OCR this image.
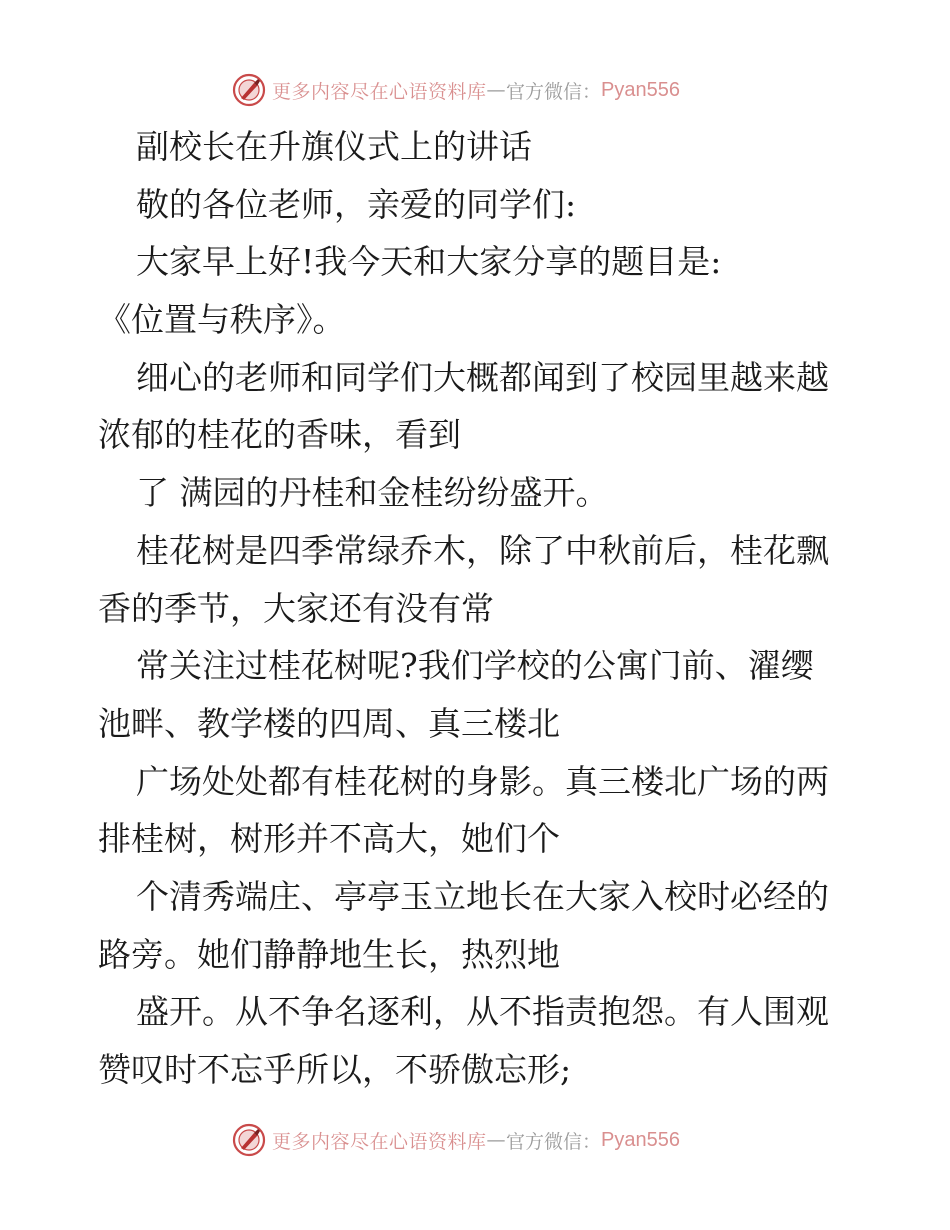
更多内容尽在心语资料库 — 官方微信： Pyan556
副校长在升旗仪式上的讲话
敬的各位老师，亲爱的同学们:
大家早上好!我今天和大家分享的题目是:
《位置与秩序》。
细心的老师和同学们大概都闻到了校园里越来越
浓郁的桂花的香味，看到
了 满园的丹桂和金桂纷纷盛开。
桂花树是四季常绿乔木，除了中秋前后，桂花飘
香的季节，大家还有没有常
常关注过桂花树呢?我们学校的公寓门前、濯缨
池畔、教学楼的四周、真三楼北
广场处处都有桂花树的身影。真三楼北广场的两
排桂树，树形并不高大，她们个
个清秀端庄、亭亭玉立地长在大家入校时必经的
路旁。她们静静地生长，热烈地
盛开。从不争名逐利，从不指责抱怨。有人围观
赞叹时不忘乎所以，不骄傲忘形;
更多内容尽在心语资料库 — 官方微信： Pyan556
